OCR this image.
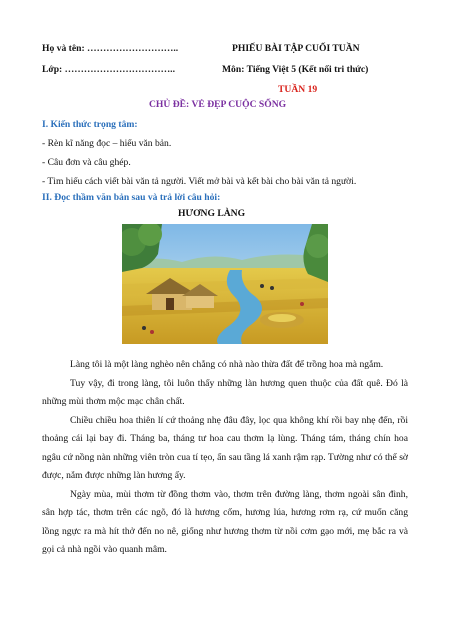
Họ và tên: ………………………..	PHIẾU BÀI TẬP CUỐI TUẦN
Lớp: ……………………………..	Môn: Tiếng Việt 5 (Kết nối tri thức)
TUẦN 19
CHỦ ĐỀ: VẺ ĐẸP CUỘC SỐNG
I. Kiến thức trọng tâm:
- Rèn kĩ năng đọc – hiểu văn bản.
- Câu đơn và câu ghép.
- Tìm hiểu cách viết bài văn tả người. Viết mở bài và kết bài cho bài văn tả người.
II. Đọc thầm văn bản sau và trả lời câu hỏi:
HƯƠNG LÀNG

Làng tôi là một làng nghèo nên chẳng có nhà nào thừa đất để trồng hoa mà ngắm.

Tuy vậy, đi trong làng, tôi luôn thấy những làn hương quen thuộc của đất quê. Đó là những mùi thơm mộc mạc chân chất.

Chiều chiều hoa thiên lí cứ thoảng nhẹ đâu đây, lọc qua không khí rồi bay nhẹ đến, rồi thoảng cái lại bay đi. Tháng ba, tháng tư hoa cau thơm lạ lùng. Tháng tám, tháng chín hoa ngâu cứ nồng nàn những viên tròn cua tí tẹo, ẩn sau tầng lá xanh rậm rạp. Tường như có thể sờ được, nắm được những làn hương ấy.

Ngày mùa, mùi thơm từ đồng thơm vào, thơm trên đường làng, thơm ngoài sân đình, sân hợp tác, thơm trên các ngõ, đó là hương cốm, hương lúa, hương rơm rạ, cứ muốn căng lồng ngực ra mà hít thở đến no nê, giống như hương thơm từ nồi cơm gạo mới, mẹ bắc ra và gọi cả nhà ngồi vào quanh mâm.
